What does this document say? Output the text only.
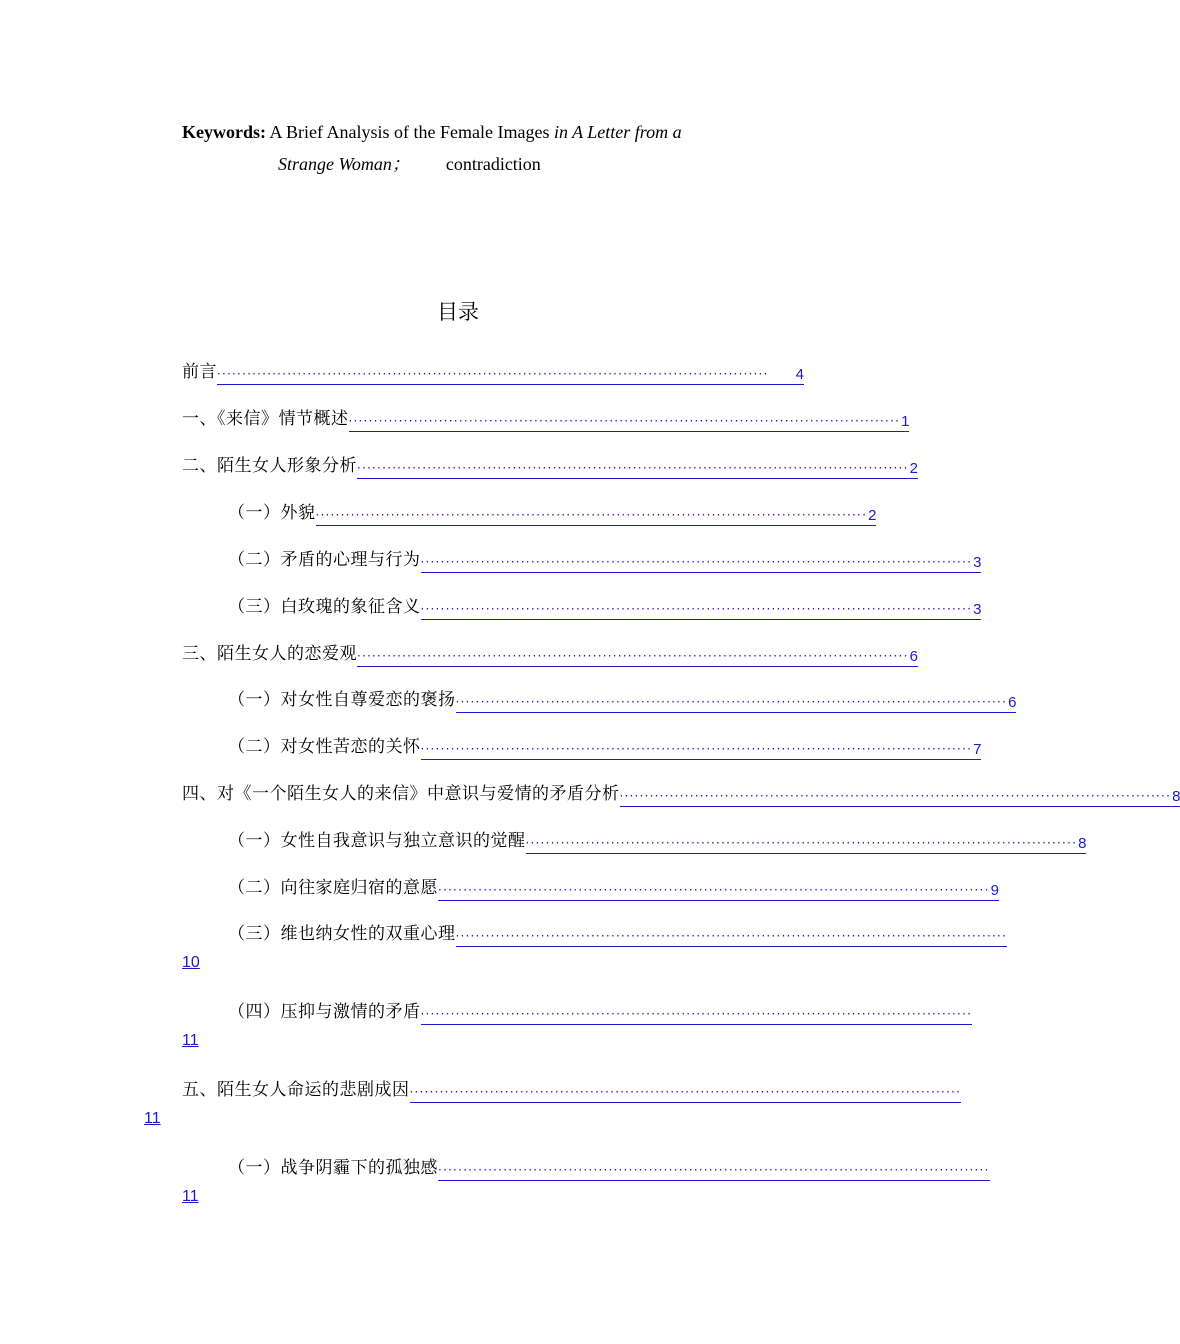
Keywords: A Brief Analysis of the Female Images in A Letter from a
Strange Woman； contradiction
目录
前言 ··············································································································	4
一、《来信》情节概述 ·············································································································· 1
二、陌生女人形象分析 ·············································································································· 2
（一）外貌 ·············································································································· 2
（二）矛盾的心理与行为 ·············································································································· 3
（三）白玫瑰的象征含义 ·············································································································· 3
三、陌生女人的恋爱观 ·············································································································· 6
（一）对女性自尊爱恋的褒扬 ·············································································································· 6
（二）对女性苦恋的关怀 ·············································································································· 7
四、对《一个陌生女人的来信》中意识与爱情的矛盾分析 ·············································································································· 8
（一）女性自我意识与独立意识的觉醒 ·············································································································· 8
（二）向往家庭归宿的意愿 ·············································································································· 9
（三）维也纳女性的双重心理 ··············································································································
10
（四）压抑与激情的矛盾 ··············································································································
11
五、陌生女人命运的悲剧成因 ··············································································································
11
（一）战争阴霾下的孤独感 ··············································································································
11
